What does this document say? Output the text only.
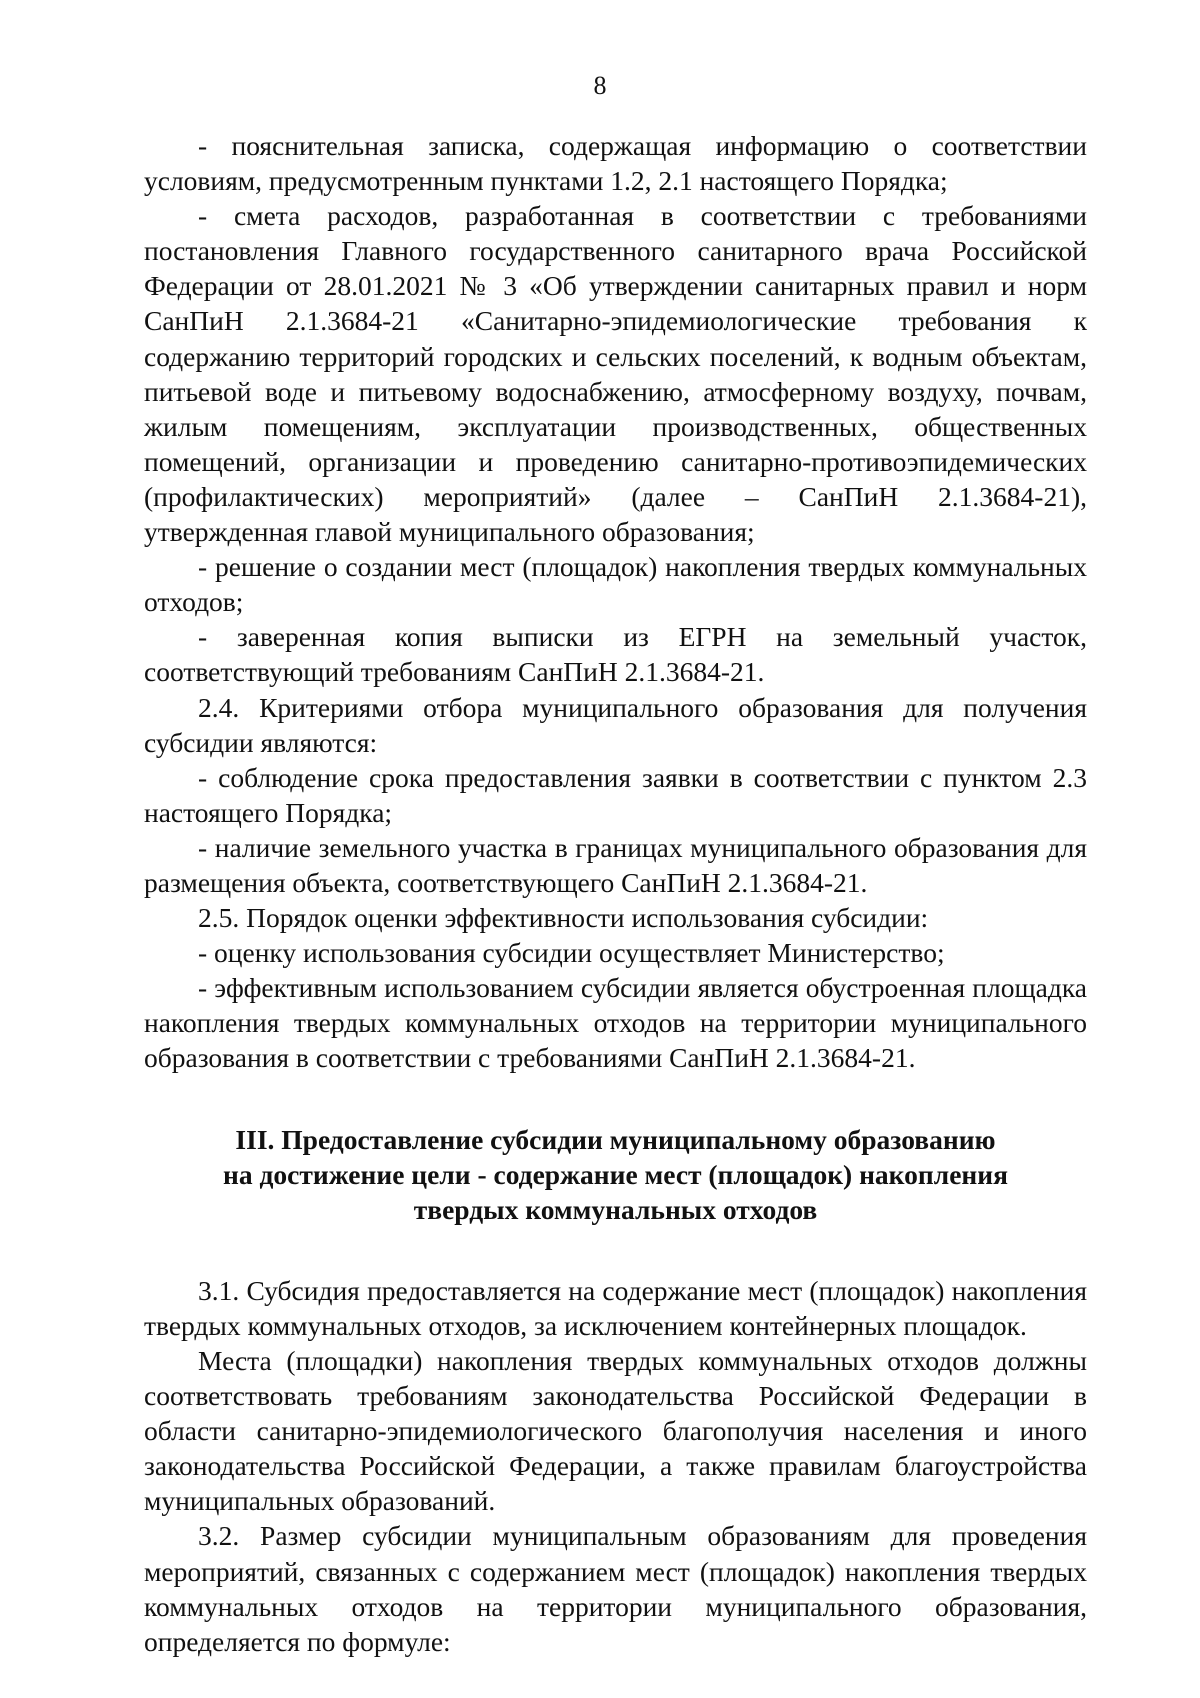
8

- пояснительная записка, содержащая информацию о соответствии условиям, предусмотренным пунктами 1.2, 2.1 настоящего Порядка;

- смета расходов, разработанная в соответствии с требованиями постановления Главного государственного санитарного врача Российской Федерации от 28.01.2021 № 3 «Об утверждении санитарных правил и норм СанПиН 2.1.3684-21 «Санитарно-эпидемиологические требования к содержанию территорий городских и сельских поселений, к водным объектам, питьевой воде и питьевому водоснабжению, атмосферному воздуху, почвам, жилым помещениям, эксплуатации производственных, общественных помещений, организации и проведению санитарно-противоэпидемических (профилактических) мероприятий» (далее – СанПиН 2.1.3684-21), утвержденная главой муниципального образования;

- решение о создании мест (площадок) накопления твердых коммунальных отходов;

- заверенная копия выписки из ЕГРН на земельный участок, соответствующий требованиям СанПиН 2.1.3684-21.

2.4. Критериями отбора муниципального образования для получения субсидии являются:

- соблюдение срока предоставления заявки в соответствии с пунктом 2.3 настоящего Порядка;

- наличие земельного участка в границах муниципального образования для размещения объекта, соответствующего СанПиН 2.1.3684-21.

2.5. Порядок оценки эффективности использования субсидии:

- оценку использования субсидии осуществляет Министерство;

- эффективным использованием субсидии является обустроенная площадка накопления твердых коммунальных отходов на территории муниципального образования в соответствии с требованиями СанПиН 2.1.3684-21.

III. Предоставление субсидии муниципальному образованию
на достижение цели - содержание мест (площадок) накопления
твердых коммунальных отходов

3.1. Субсидия предоставляется на содержание мест (площадок) накопления твердых коммунальных отходов, за исключением контейнерных площадок.

Места (площадки) накопления твердых коммунальных отходов должны соответствовать требованиям законодательства Российской Федерации в области санитарно-эпидемиологического благополучия населения и иного законодательства Российской Федерации, а также правилам благоустройства муниципальных образований.

3.2. Размер субсидии муниципальным образованиям для проведения мероприятий, связанных с содержанием мест (площадок) накопления твердых коммунальных отходов на территории муниципального образования, определяется по формуле:
